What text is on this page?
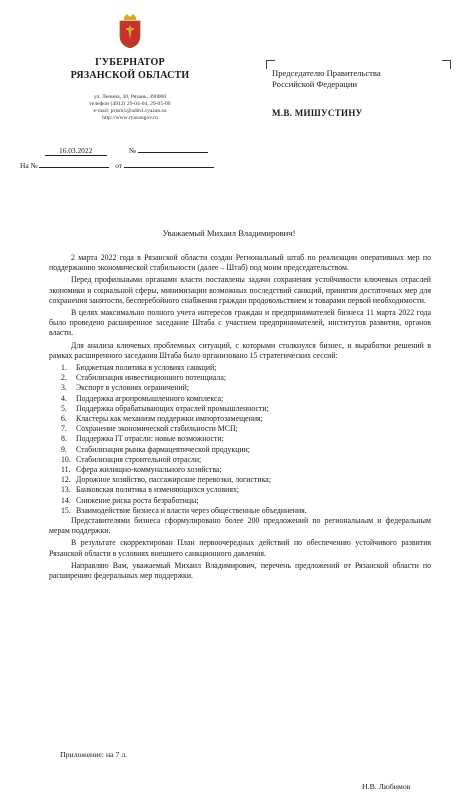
ГУБЕРНАТОР
РЯЗАНСКОЙ ОБЛАСТИ
ул. Ленина, 30, Рязань, 390000
телефон (4912) 29-04-04, 29-05-00
e-mail: prism1@adm1.ryazan.su
http://www.ryazangov.ru
Председателю Правительства
Российской Федерации
М.В. МИШУСТИНУ
16.03.2022	№
На №	от
Уважаемый Михаил Владимирович!

2 марта 2022 года в Рязанской области создан Региональный штаб по реализации оперативных мер по поддержанию экономической стабильности (далее – Штаб) под моим председательством.

Перед профильными органами власти поставлены задачи сохранения устойчивости ключевых отраслей экономики и социальной сферы, минимизации возможных последствий санкций, принятия достаточных мер для сохранения занятости, бесперебойного снабжения граждан продовольствием и товарами первой необходимости.

В целях максимально полного учета интересов граждан и предпринимателей бизнеса 11 марта 2022 года было проведено расширенное заседание Штаба с участием предпринимателей, институтов развития, органов власти.

Для анализа ключевых проблемных ситуаций, с которыми столкнулся бизнес, и выработки решений в рамках расширенного заседания Штаба было организовано 15 стратегических сессий:

1. Бюджетная политика в условиях санкций;
2. Стабилизация инвестиционного потенциала;
3. Экспорт в условиях ограничений;
4. Поддержка агропромышленного комплекса;
5. Поддержка обрабатывающих отраслей промышленности;
6. Кластеры как механизм поддержки импортозамещения;
7. Сохранение экономической стабильности МСП;
8. Поддержка IT отрасли: новые возможности;
9. Стабилизация рынка фармацевтической продукции;
10. Стабилизация строительной отрасли;
11. Сфера жилищно-коммунального хозяйства;
12. Дорожное хозяйство, пассажирские перевозки, логистика;
13. Банковская политика в изменяющихся условиях;
14. Снижение риска роста безработицы;
15. Взаимодействие бизнеса и власти через общественные объединения.

Представителями бизнеса сформулировано более 200 предложений по региональным и федеральным мерам поддержки.

В результате скорректирован План первоочередных действий по обеспечению устойчивого развития Рязанской области в условиях внешнего санкционного давления.

Направляю Вам, уважаемый Михаил Владимирович, перечень предложений от Рязанской области по расширению федеральных мер поддержки.

Приложение: на 7 л.
Н.В. Любимов
